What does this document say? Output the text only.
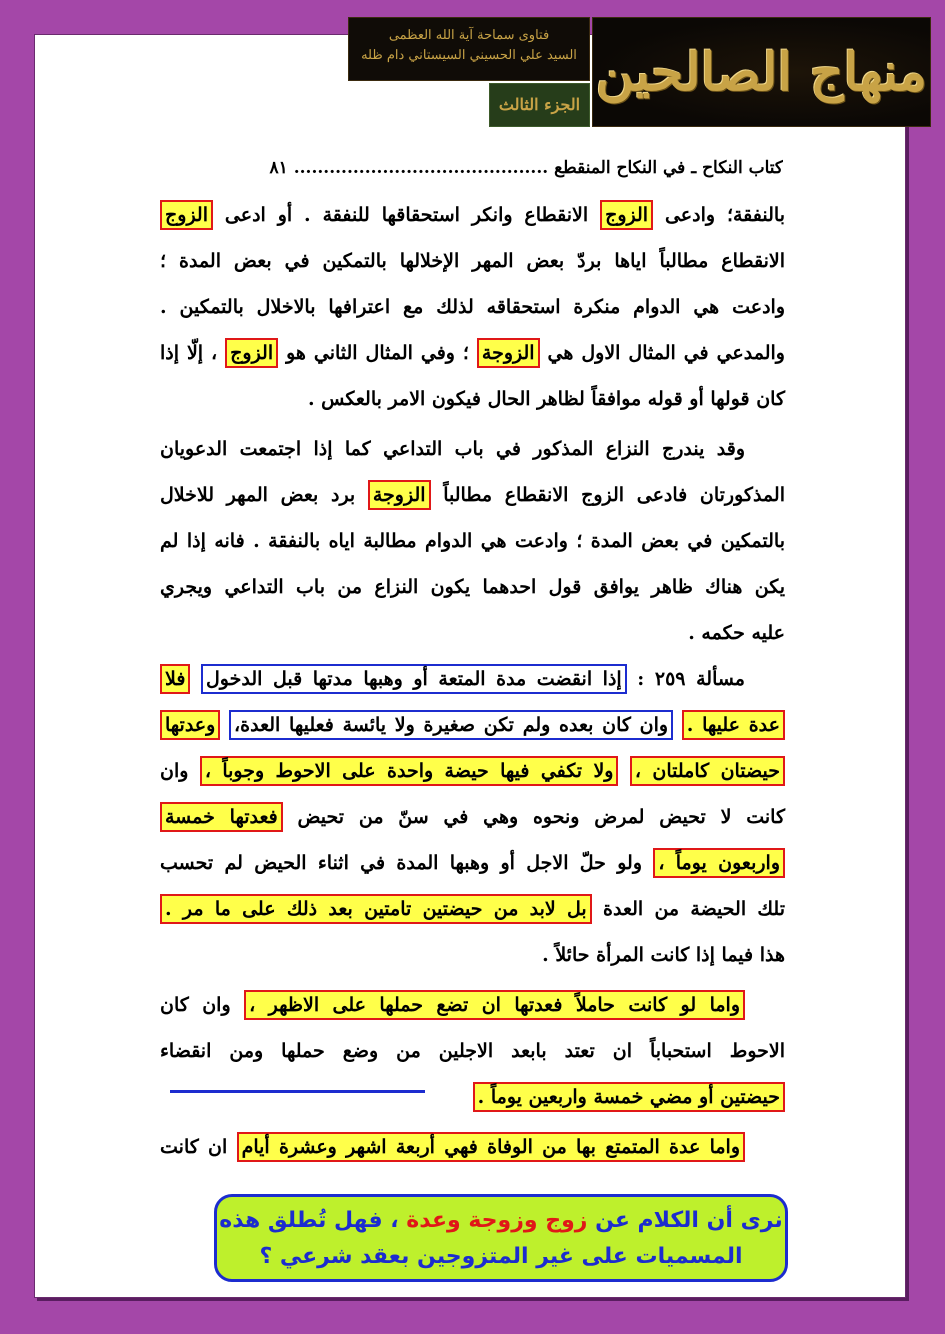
منهاج الصالحين
فتاوى سماحة آية الله العظمى
السيد علي الحسيني السيستاني دام ظله
الجزء الثالث
كتاب النكاح ـ في النكاح المنقطع ........................................... ٨١
بالنفقة؛ وادعى الزوج الانقطاع وانكر استحقاقها للنفقة . أو ادعى الزوج
الانقطاع مطالباً اياها بردّ بعض المهر الإخلالها بالتمكين في بعض المدة ؛
وادعت هي الدوام منكرة استحقاقه لذلك مع اعترافها بالاخلال بالتمكين .
والمدعي في المثال الاول هي الزوجة ؛ وفي المثال الثاني هو الزوج ، إلّا إذا
كان قولها أو قوله موافقاً لظاهر الحال فيكون الامر بالعكس .
وقد يندرج النزاع المذكور في باب التداعي كما إذا اجتمعت الدعويان
المذكورتان فادعى الزوج الانقطاع مطالباً الزوجة برد بعض المهر للاخلال
بالتمكين في بعض المدة ؛ وادعت هي الدوام مطالبة اياه بالنفقة . فانه إذا لم
يكن هناك ظاهر يوافق قول احدهما يكون النزاع من باب التداعي ويجري
عليه حكمه .
مسألة ٢٥٩ : إذا انقضت مدة المتعة أو وهبها مدتها قبل الدخول فلا
عدة عليها . وان كان بعده ولم تكن صغيرة ولا يائسة فعليها العدة، وعدتها
حيضتان كاملتان ، ولا تكفي فيها حيضة واحدة على الاحوط وجوباً ، وان
كانت لا تحيض لمرض ونحوه وهي في سنّ من تحيض فعدتها خمسة
واربعون يوماً ، ولو حلّ الاجل أو وهبها المدة في اثناء الحيض لم تحسب
تلك الحيضة من العدة بل لابد من حيضتين تامتين بعد ذلك على ما مر .
هذا فيما إذا كانت المرأة حائلاً .
واما لو كانت حاملاً فعدتها ان تضع حملها على الاظهر ، وان كان
الاحوط استحباباً ان تعتد بابعد الاجلين من وضع حملها ومن انقضاء
حيضتين أو مضي خمسة واربعين يوماً .
واما عدة المتمتع بها من الوفاة فهي أربعة اشهر وعشرة أيام ان كانت
نرى أن الكلام عن زوج وزوجة وعدة ، فهل تُطلق هذه
المسميات على غير المتزوجين بعقد شرعي ؟
